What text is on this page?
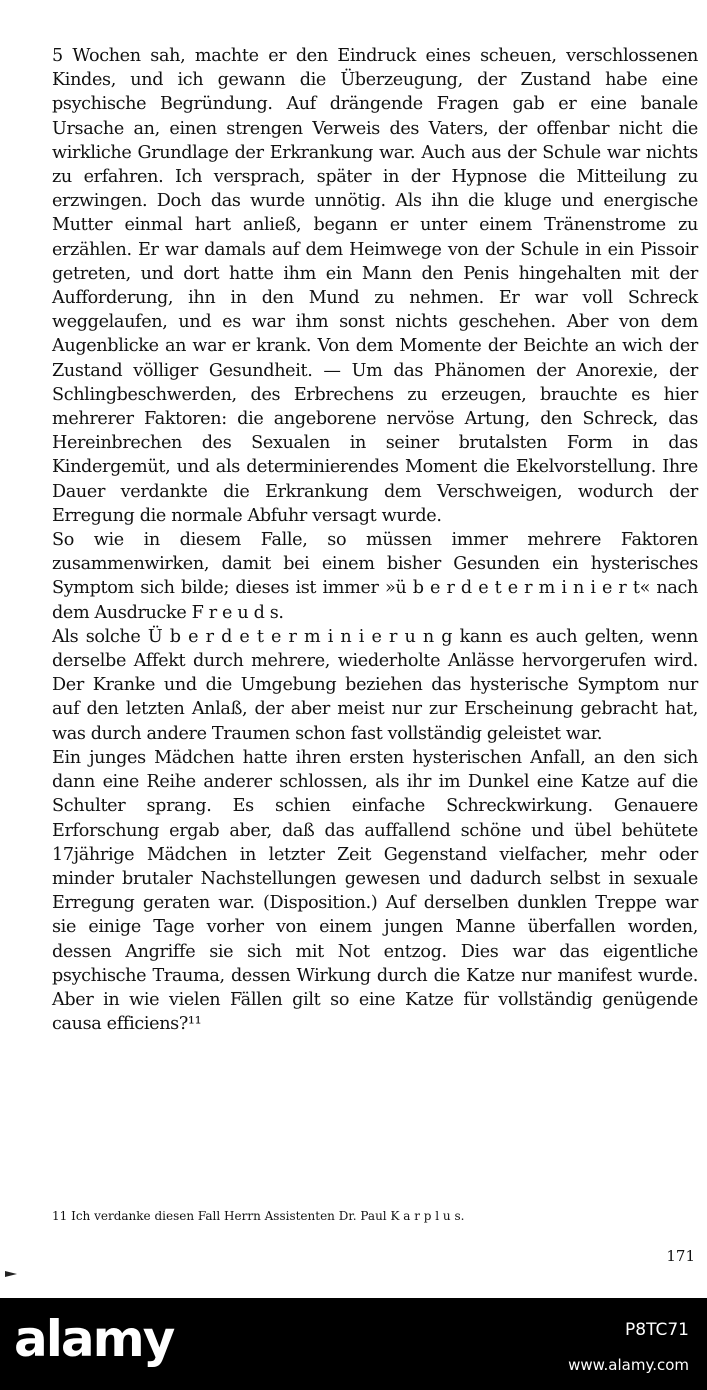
5 Wochen sah, machte er den Eindruck eines scheuen, verschlossenen Kindes, und ich gewann die Überzeugung, der Zustand habe eine psychische Begründung. Auf drängende Fragen gab er eine banale Ursache an, einen strengen Verweis des Vaters, der offenbar nicht die wirkliche Grundlage der Erkrankung war. Auch aus der Schule war nichts zu erfahren. Ich versprach, später in der Hypnose die Mitteilung zu erzwingen. Doch das wurde unnötig. Als ihn die kluge und energische Mutter einmal hart anließ, begann er unter einem Tränenstrome zu erzählen. Er war damals auf dem Heimwege von der Schule in ein Pissoir getreten, und dort hatte ihm ein Mann den Penis hingehalten mit der Aufforderung, ihn in den Mund zu nehmen. Er war voll Schreck weggelaufen, und es war ihm sonst nichts geschehen. Aber von dem Augenblicke an war er krank. Von dem Momente der Beichte an wich der Zustand völliger Gesundheit. — Um das Phänomen der Anorexie, der Schlingbeschwerden, des Erbrechens zu erzeugen, brauchte es hier mehrerer Faktoren: die angeborene nervöse Artung, den Schreck, das Hereinbrechen des Sexualen in seiner brutalsten Form in das Kindergemüt, und als determinierendes Moment die Ekelvorstellung. Ihre Dauer verdankte die Erkrankung dem Verschweigen, wodurch der Erregung die normale Abfuhr versagt wurde.

So wie in diesem Falle, so müssen immer mehrere Faktoren zusammenwirken, damit bei einem bisher Gesunden ein hysterisches Symptom sich bilde; dieses ist immer »ü b e r d e t e r m i n i e r t« nach dem Ausdrucke F r e u d s.

Als solche Ü b e r d e t e r m i n i e r u n g kann es auch gelten, wenn derselbe Affekt durch mehrere, wiederholte Anlässe hervorgerufen wird. Der Kranke und die Umgebung beziehen das hysterische Symptom nur auf den letzten Anlaß, der aber meist nur zur Erscheinung gebracht hat, was durch andere Traumen schon fast vollständig geleistet war.

Ein junges Mädchen hatte ihren ersten hysterischen Anfall, an den sich dann eine Reihe anderer schlossen, als ihr im Dunkel eine Katze auf die Schulter sprang. Es schien einfache Schreckwirkung. Genauere Erforschung ergab aber, daß das auffallend schöne und übel behütete 17jährige Mädchen in letzter Zeit Gegenstand vielfacher, mehr oder minder brutaler Nachstellungen gewesen und dadurch selbst in sexuale Erregung geraten war. (Disposition.) Auf derselben dunklen Treppe war sie einige Tage vorher von einem jungen Manne überfallen worden, dessen Angriffe sie sich mit Not entzog. Dies war das eigentliche psychische Trauma, dessen Wirkung durch die Katze nur manifest wurde. Aber in wie vielen Fällen gilt so eine Katze für vollständig genügende causa efficiens?¹¹

11 Ich verdanke diesen Fall Herrn Assistenten Dr. Paul K a r p l u s.
171
alamy	P8TC71
www.alamy.com
